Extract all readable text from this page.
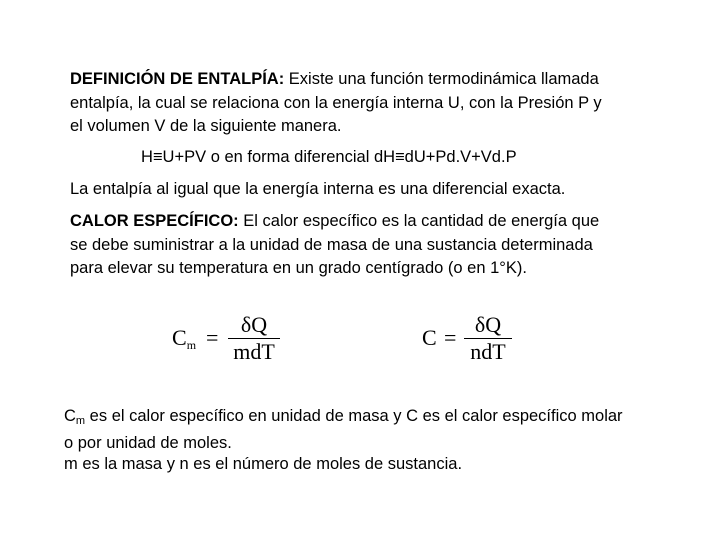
DEFINICIÓN DE ENTALPÍA: Existe una función termodinámica llamada
entalpía, la cual se relaciona con la energía interna U, con la Presión P y
el volumen V de la siguiente manera.
H≡U+PV o en forma diferencial dH≡dU+Pd.V+Vd.P
La entalpía al igual que la energía interna es una diferencial exacta.
CALOR ESPECÍFICO: El calor específico es la cantidad de energía que
se debe suministrar a la unidad de masa de una sustancia determinada
para elevar su temperatura en un grado centígrado (o en 1°K).
Cm =
δQ
mdT
C =
δQ
ndT
$C_m$ es el calor específico en unidad de masa y C es el calor específico molar
o por unidad de moles.
m es la masa y n es el número de moles de sustancia.
